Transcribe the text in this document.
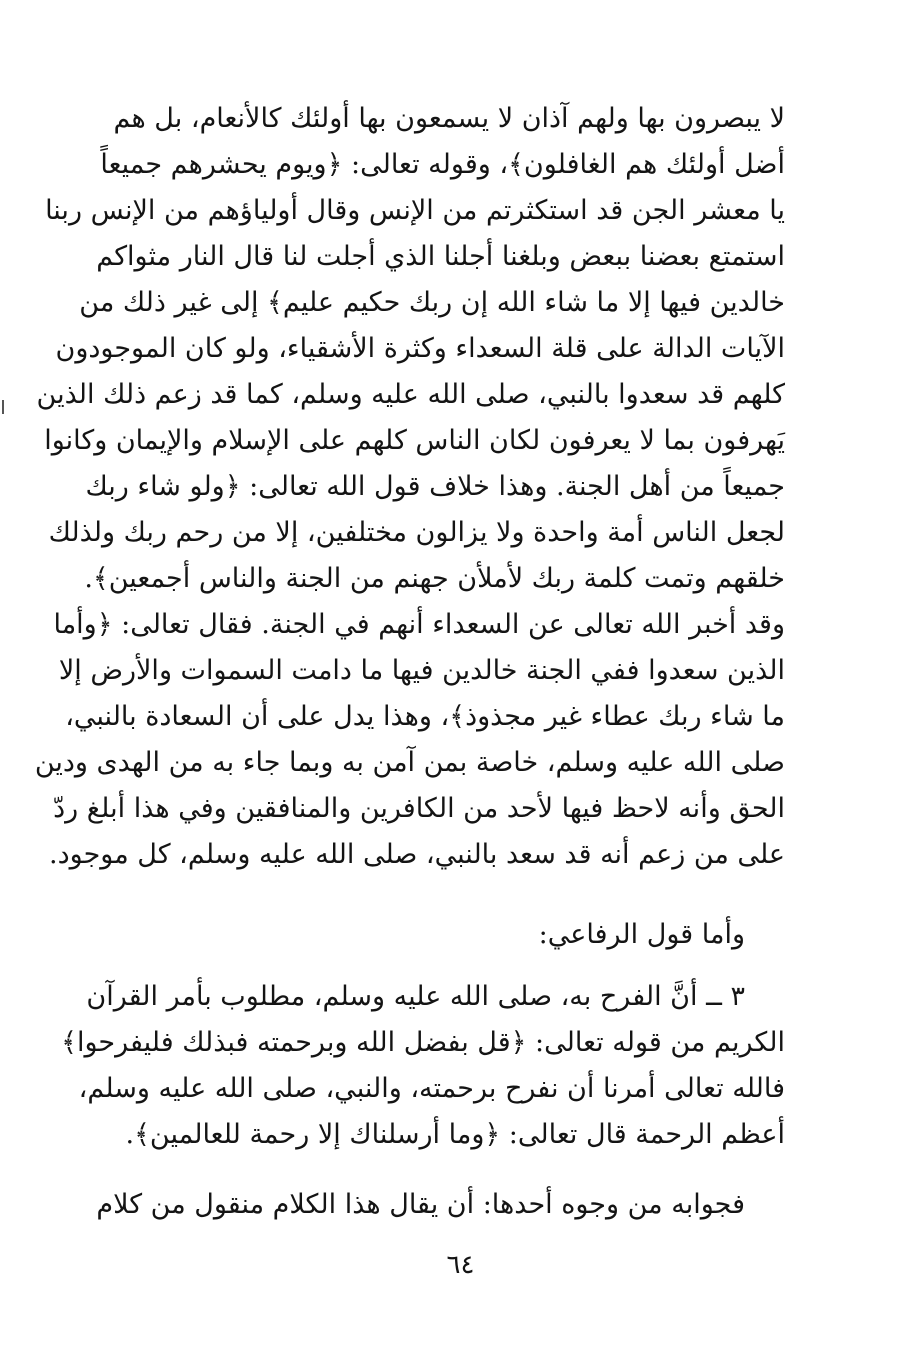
لا يبصرون بها ولهم آذان لا يسمعون بها أولئك كالأنعام، بل هم
أضل أولئك هم الغافلون﴾، وقوله تعالى: ﴿ويوم يحشرهم جميعاً
يا معشر الجن قد استكثرتم من الإنس وقال أولياؤهم من الإنس ربنا
استمتع بعضنا ببعض وبلغنا أجلنا الذي أجلت لنا قال النار مثواكم
خالدين فيها إلا ما شاء الله إن ربك حكيم عليم﴾ إلى غير ذلك من
الآيات الدالة على قلة السعداء وكثرة الأشقياء، ولو كان الموجودون
كلهم قد سعدوا بالنبي، صلى الله عليه وسلم، كما قد زعم ذلك الذين
يَهرفون بما لا يعرفون لكان الناس كلهم على الإسلام والإيمان وكانوا
جميعاً من أهل الجنة. وهذا خلاف قول الله تعالى: ﴿ولو شاء ربك
لجعل الناس أمة واحدة ولا يزالون مختلفين، إلا من رحم ربك ولذلك
خلقهم وتمت كلمة ربك لأملأن جهنم من الجنة والناس أجمعين﴾.
وقد أخبر الله تعالى عن السعداء أنهم في الجنة. فقال تعالى: ﴿وأما
الذين سعدوا ففي الجنة خالدين فيها ما دامت السموات والأرض إلا
ما شاء ربك عطاء غير مجذوذ﴾، وهذا يدل على أن السعادة بالنبي،
صلى الله عليه وسلم، خاصة بمن آمن به وبما جاء به من الهدى ودين
الحق وأنه لاحظ فيها لأحد من الكافرين والمنافقين وفي هذا أبلغ ردّ
على من زعم أنه قد سعد بالنبي، صلى الله عليه وسلم، كل موجود.
وأما قول الرفاعي:
٣ ــ أنَّ الفرح به، صلى الله عليه وسلم، مطلوب بأمر القرآن
الكريم من قوله تعالى: ﴿قل بفضل الله وبرحمته فبذلك فليفرحوا﴾
فالله تعالى أمرنا أن نفرح برحمته، والنبي، صلى الله عليه وسلم،
أعظم الرحمة قال تعالى: ﴿وما أرسلناك إلا رحمة للعالمين﴾.
فجوابه من وجوه أحدها: أن يقال هذا الكلام منقول من كلام
٦٤
